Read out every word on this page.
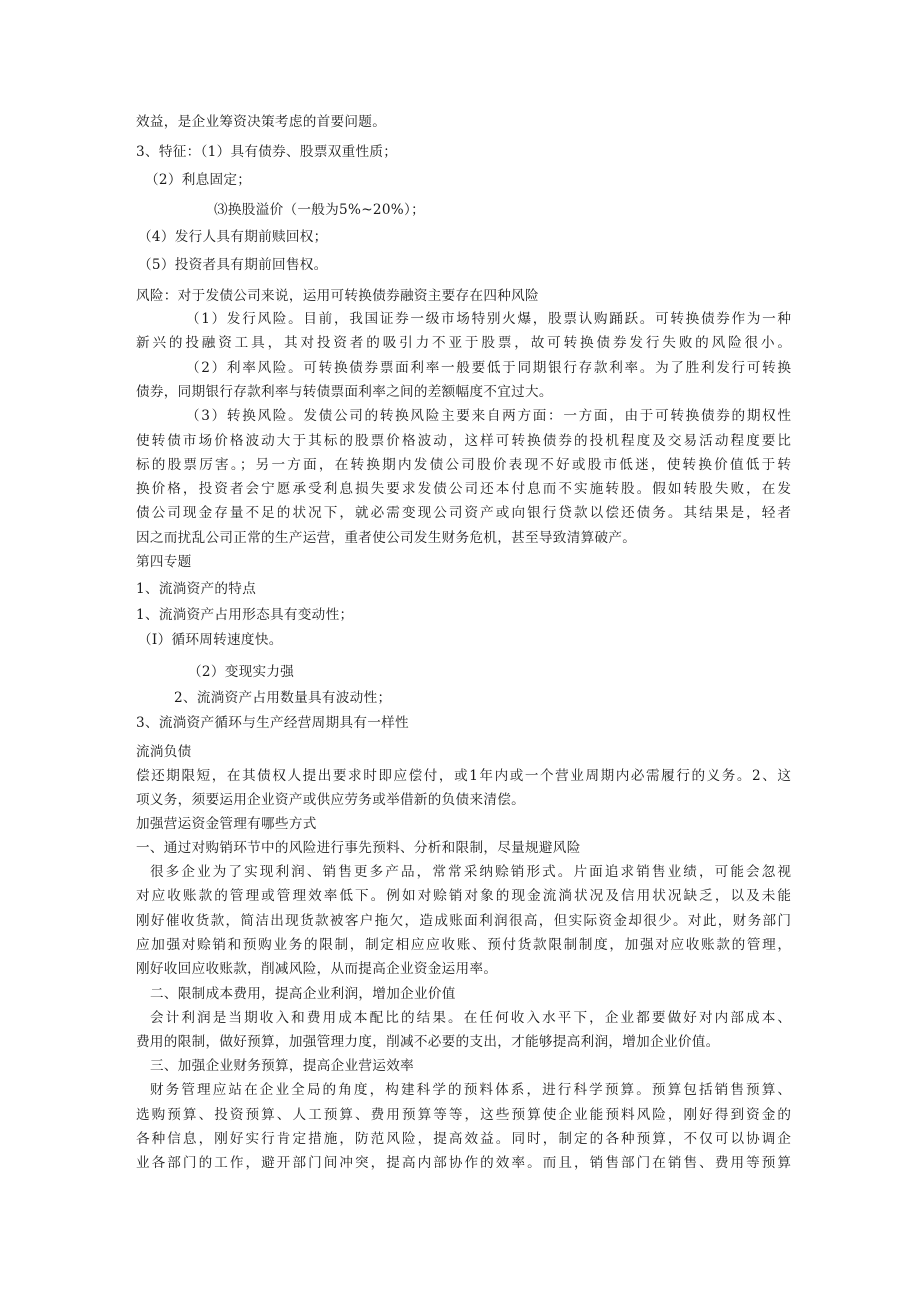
效益，是企业筹资决策考虑的首要问题。
3、特征：（1）具有债券、股票双重性质；
（2）利息固定；
⑶换股溢价（一般为5%~20%）；
（4）发行人具有期前赎回权；
（5）投资者具有期前回售权。
风险：对于发债公司来说，运用可转换债券融资主要存在四种风险
（1）发行风险。目前，我国证券一级市场特别火爆，股票认购踊跃。可转换债券作为一种
新兴的投融资工具，其对投资者的吸引力不亚于股票，故可转换债券发行失败的风险很小。
（2）利率风险。可转换债券票面利率一般要低于同期银行存款利率。为了胜利发行可转换
债券，同期银行存款利率与转债票面利率之间的差额幅度不宜过大。
（3）转换风险。发债公司的转换风险主要来自两方面：一方面，由于可转换债券的期权性
使转债市场价格波动大于其标的股票价格波动，这样可转换债券的投机程度及交易活动程度要比
标的股票厉害。；另一方面，在转换期内发债公司股价表现不好或股市低迷，使转换价值低于转
换价格，投资者会宁愿承受利息损失要求发债公司还本付息而不实施转股。假如转股失败，在发
债公司现金存量不足的状况下，就必需变现公司资产或向银行贷款以偿还债务。其结果是，轻者
因之而扰乱公司正常的生产运营，重者使公司发生财务危机，甚至导致清算破产。
第四专题
1、流淌资产的特点
1、流淌资产占用形态具有变动性；
（I）循环周转速度快。
（2）变现实力强
2、流淌资产占用数量具有波动性；
3、流淌资产循环与生产经营周期具有一样性
流淌负债
偿还期限短，在其债权人提出要求时即应偿付，或1年内或一个营业周期内必需履行的义务。2、这
项义务，须要运用企业资产或供应劳务或举借新的负债来清偿。
加强营运资金管理有哪些方式
一、通过对购销环节中的风险进行事先预料、分析和限制，尽量规避风险
很多企业为了实现利润、销售更多产品，常常采纳赊销形式。片面追求销售业绩，可能会忽视
对应收账款的管理或管理效率低下。例如对赊销对象的现金流淌状况及信用状况缺乏，以及未能
刚好催收货款，简洁出现货款被客户拖欠，造成账面利润很高，但实际资金却很少。对此，财务部门
应加强对赊销和预购业务的限制，制定相应应收账、预付货款限制制度，加强对应收账款的管理，
刚好收回应收账款，削减风险，从而提高企业资金运用率。
二、限制成本费用，提高企业利润，增加企业价值
会计利润是当期收入和费用成本配比的结果。在任何收入水平下，企业都要做好对内部成本、
费用的限制，做好预算，加强管理力度，削减不必要的支出，才能够提高利润，增加企业价值。
三、加强企业财务预算，提高企业营运效率
财务管理应站在企业全局的角度，构建科学的预料体系，进行科学预算。预算包括销售预算、
选购预算、投资预算、人工预算、费用预算等等，这些预算使企业能预料风险，刚好得到资金的
各种信息，刚好实行肯定措施，防范风险，提高效益。同时，制定的各种预算，不仅可以协调企
业各部门的工作，避开部门间冲突，提高内部协作的效率。而且，销售部门在销售、费用等预算
